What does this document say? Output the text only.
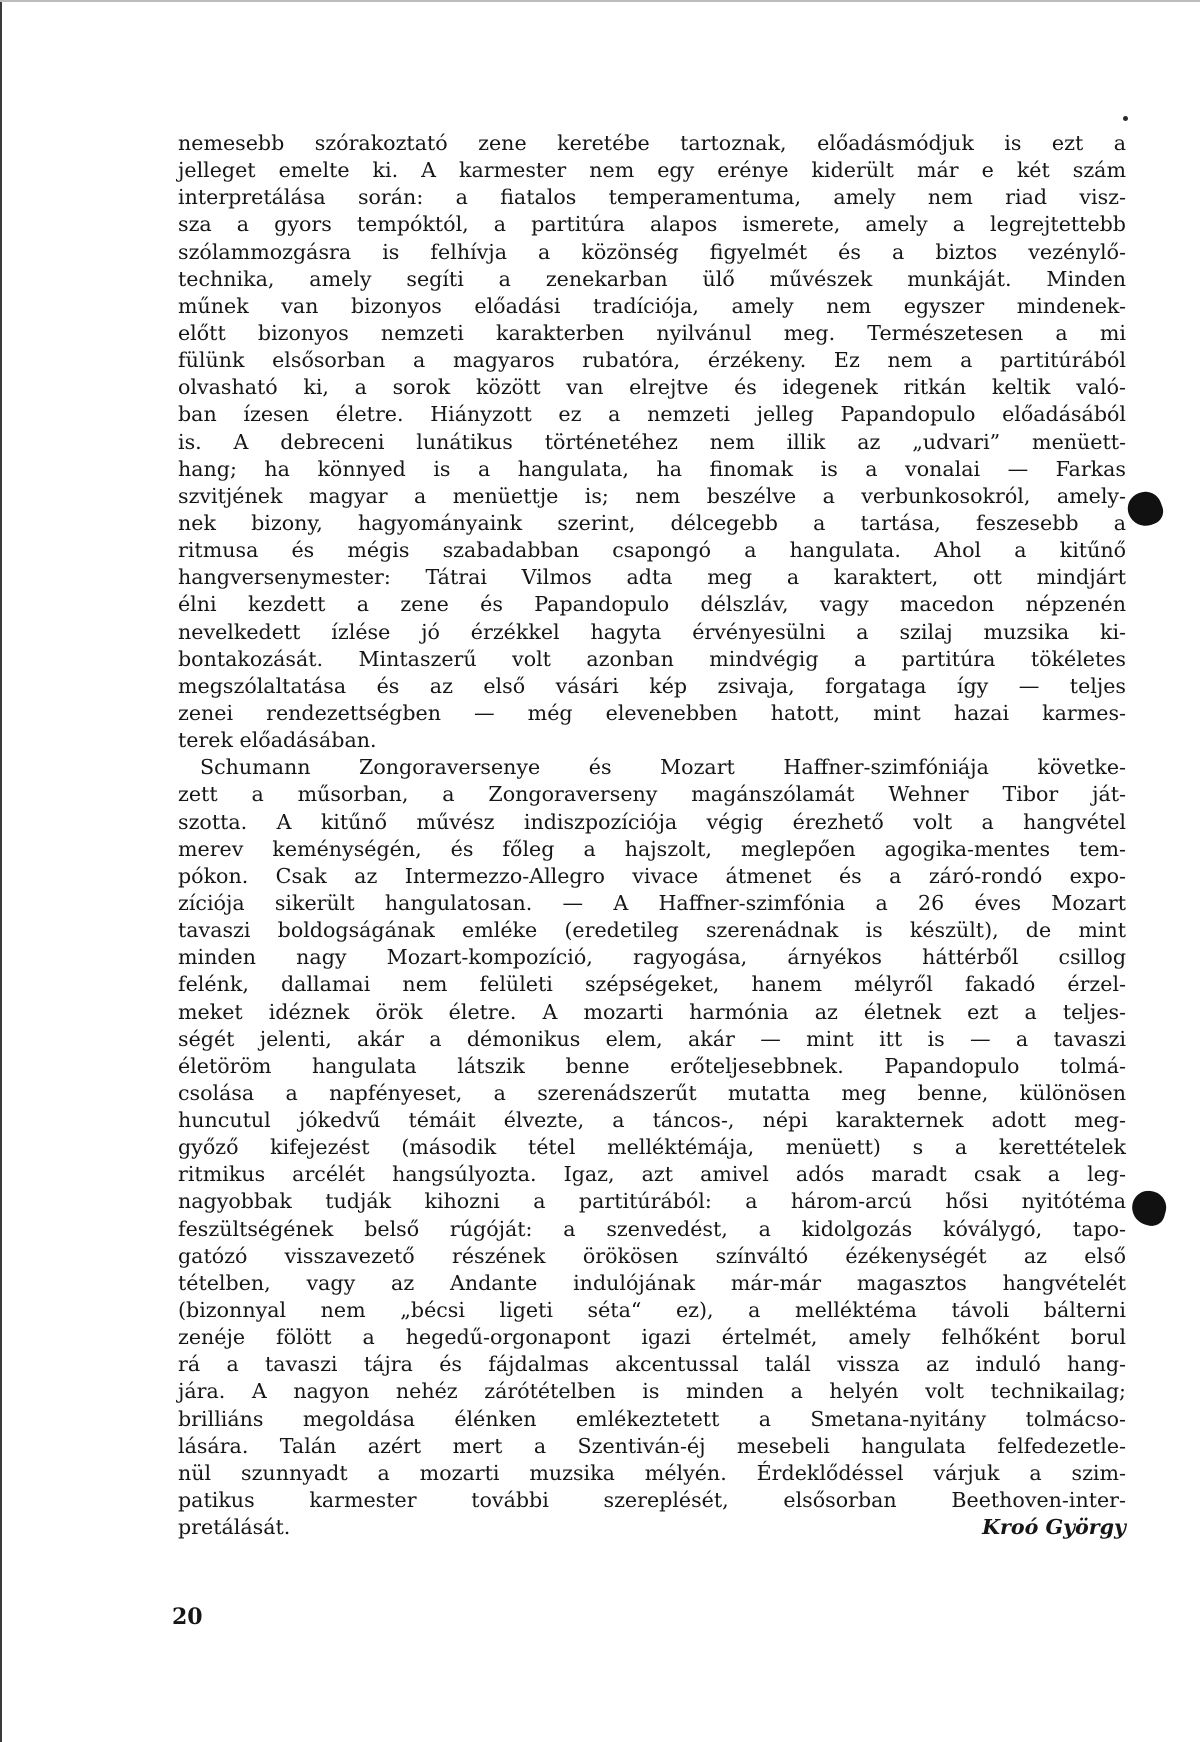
nemesebb szórakoztató zene keretébe tartoznak, előadásmódjuk is ezt a
jelleget emelte ki. A karmester nem egy erénye kiderült már e két szám
interpretálása során: a fiatalos temperamentuma, amely nem riad visz-
sza a gyors tempóktól, a partitúra alapos ismerete, amely a legrejtettebb
szólammozgásra is felhívja a közönség figyelmét és a biztos vezénylő-
technika, amely segíti a zenekarban ülő művészek munkáját. Minden
műnek van bizonyos előadási tradíciója, amely nem egyszer mindenek-
előtt bizonyos nemzeti karakterben nyilvánul meg. Természetesen a mi
fülünk elsősorban a magyaros rubatóra, érzékeny. Ez nem a partitúrából
olvasható ki, a sorok között van elrejtve és idegenek ritkán keltik való-
ban ízesen életre. Hiányzott ez a nemzeti jelleg Papandopulo előadásából
is. A debreceni lunátikus történetéhez nem illik az „udvari” menüett-
hang; ha könnyed is a hangulata, ha finomak is a vonalai — Farkas
szvitjének magyar a menüettje is; nem beszélve a verbunkosokról, amely-
nek bizony, hagyományaink szerint, délcegebb a tartása, feszesebb a
ritmusa és mégis szabadabban csapongó a hangulata. Ahol a kitűnő
hangversenymester: Tátrai Vilmos adta meg a karaktert, ott mindjárt
élni kezdett a zene és Papandopulo délszláv, vagy macedon népzenén
nevelkedett ízlése jó érzékkel hagyta érvényesülni a szilaj muzsika ki-
bontakozását. Mintaszerű volt azonban mindvégig a partitúra tökéletes
megszólaltatása és az első vásári kép zsivaja, forgataga így — teljes
zenei rendezettségben — még elevenebben hatott, mint hazai karmes-
terek előadásában.
Schumann Zongoraversenye és Mozart Haffner-szimfóniája követke-
zett a műsorban, a Zongoraverseny magánszólamát Wehner Tibor ját-
szotta. A kitűnő művész indiszpozíciója végig érezhető volt a hangvétel
merev keménységén, és főleg a hajszolt, meglepően agogika-mentes tem-
pókon. Csak az Intermezzo-Allegro vivace átmenet és a záró-rondó expo-
zíciója sikerült hangulatosan. — A Haffner-szimfónia a 26 éves Mozart
tavaszi boldogságának emléke (eredetileg szerenádnak is készült), de mint
minden nagy Mozart-kompozíció, ragyogása, árnyékos háttérből csillog
felénk, dallamai nem felületi szépségeket, hanem mélyről fakadó érzel-
meket idéznek örök életre. A mozarti harmónia az életnek ezt a teljes-
ségét jelenti, akár a démonikus elem, akár — mint itt is — a tavaszi
életöröm hangulata látszik benne erőteljesebbnek. Papandopulo tolmá-
csolása a napfényeset, a szerenádszerűt mutatta meg benne, különösen
huncutul jókedvű témáit élvezte, a táncos-, népi karakternek adott meg-
győző kifejezést (második tétel melléktémája, menüett) s a kerettételek
ritmikus arcélét hangsúlyozta. Igaz, azt amivel adós maradt csak a leg-
nagyobbak tudják kihozni a partitúrából: a három-arcú hősi nyitótéma
feszültségének belső rúgóját: a szenvedést, a kidolgozás kóválygó, tapo-
gatózó visszavezető részének örökösen színváltó ézékenységét az első
tételben, vagy az Andante indulójának már-már magasztos hangvételét
(bizonnyal nem „bécsi ligeti séta“ ez), a melléktéma távoli bálterni
zenéje fölött a hegedű-orgonapont igazi értelmét, amely felhőként borul
rá a tavaszi tájra és fájdalmas akcentussal talál vissza az induló hang-
jára. A nagyon nehéz zárótételben is minden a helyén volt technikailag;
brilliáns megoldása élénken emlékeztetett a Smetana-nyitány tolmácso-
lására. Talán azért mert a Szentiván-éj mesebeli hangulata felfedezetle-
nül szunnyadt a mozarti muzsika mélyén. Érdeklődéssel várjuk a szim-
patikus karmester további szereplését, elsősorban Beethoven-inter-
pretálását.	Kroó György
20
